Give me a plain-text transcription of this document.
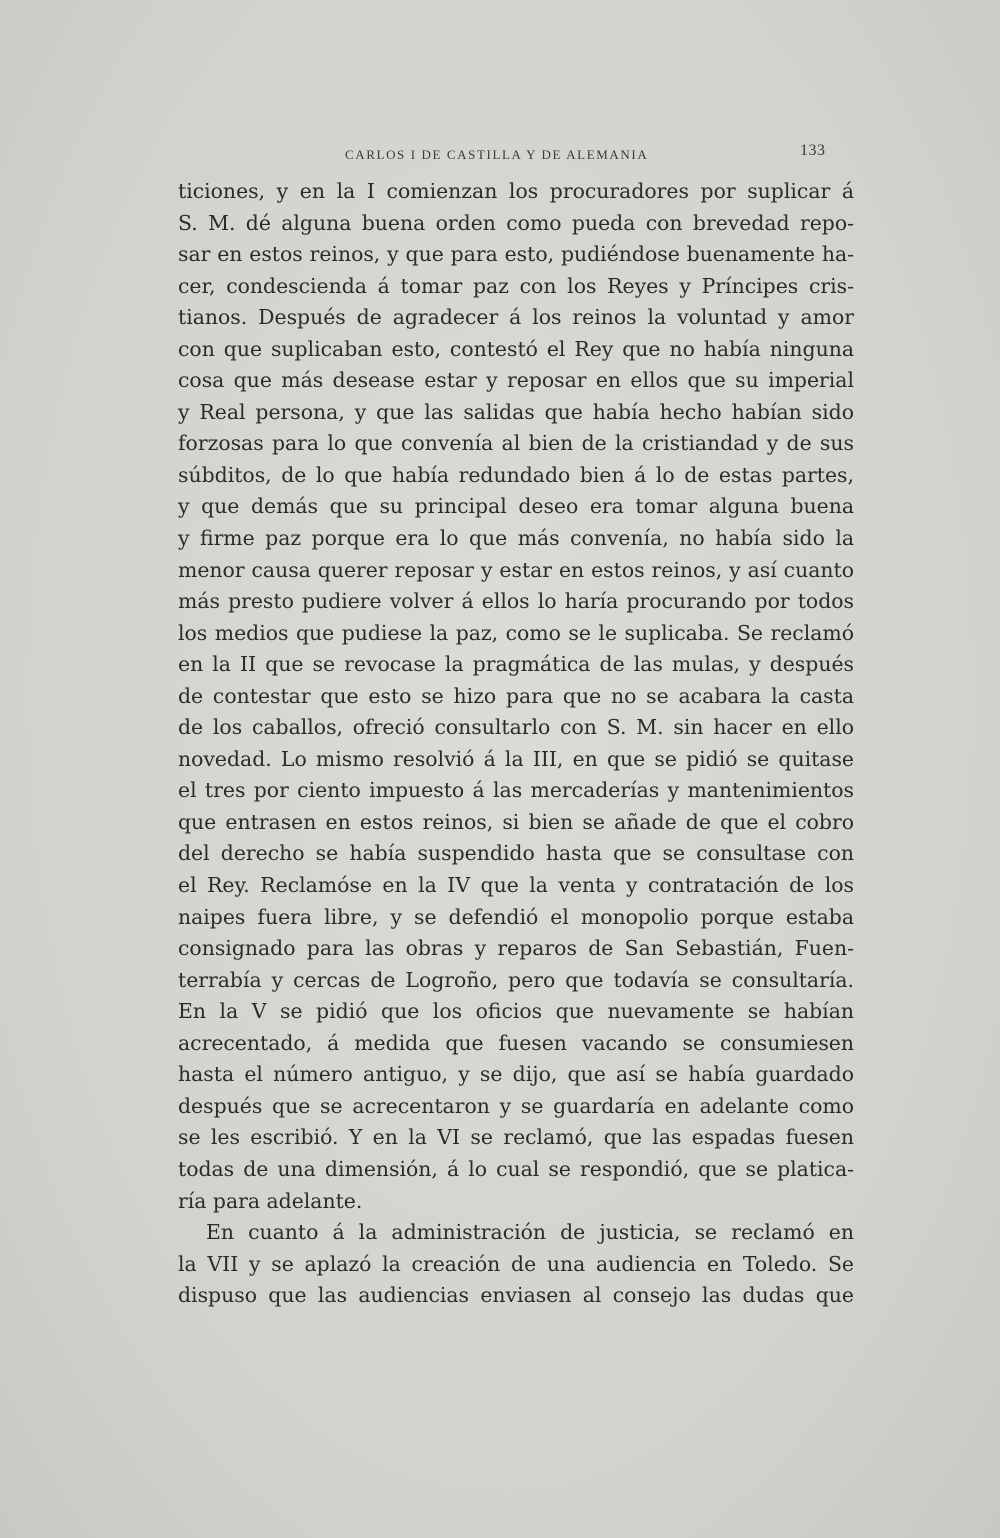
CARLOS I DE CASTILLA Y DE ALEMANIA	133
ticiones, y en la I comienzan los procuradores por suplicar á
S. M. dé alguna buena orden como pueda con brevedad repo-
sar en estos reinos, y que para esto, pudiéndose buenamente ha-
cer, condescienda á tomar paz con los Reyes y Príncipes cris-
tianos. Después de agradecer á los reinos la voluntad y amor
con que suplicaban esto, contestó el Rey que no había ninguna
cosa que más desease estar y reposar en ellos que su imperial
y Real persona, y que las salidas que había hecho habían sido
forzosas para lo que convenía al bien de la cristiandad y de sus
súbditos, de lo que había redundado bien á lo de estas partes,
y que demás que su principal deseo era tomar alguna buena
y firme paz porque era lo que más convenía, no había sido la
menor causa querer reposar y estar en estos reinos, y así cuanto
más presto pudiere volver á ellos lo haría procurando por todos
los medios que pudiese la paz, como se le suplicaba. Se reclamó
en la II que se revocase la pragmática de las mulas, y después
de contestar que esto se hizo para que no se acabara la casta
de los caballos, ofreció consultarlo con S. M. sin hacer en ello
novedad. Lo mismo resolvió á la III, en que se pidió se quitase
el tres por ciento impuesto á las mercaderías y mantenimientos
que entrasen en estos reinos, si bien se añade de que el cobro
del derecho se había suspendido hasta que se consultase con
el Rey. Reclamóse en la IV que la venta y contratación de los
naipes fuera libre, y se defendió el monopolio porque estaba
consignado para las obras y reparos de San Sebastián, Fuen-
terrabía y cercas de Logroño, pero que todavía se consultaría.
En la V se pidió que los oficios que nuevamente se habían
acrecentado, á medida que fuesen vacando se consumiesen
hasta el número antiguo, y se dijo, que así se había guardado
después que se acrecentaron y se guardaría en adelante como
se les escribió. Y en la VI se reclamó, que las espadas fuesen
todas de una dimensión, á lo cual se respondió, que se platica-
ría para adelante.
En cuanto á la administración de justicia, se reclamó en
la VII y se aplazó la creación de una audiencia en Toledo. Se
dispuso que las audiencias enviasen al consejo las dudas que
